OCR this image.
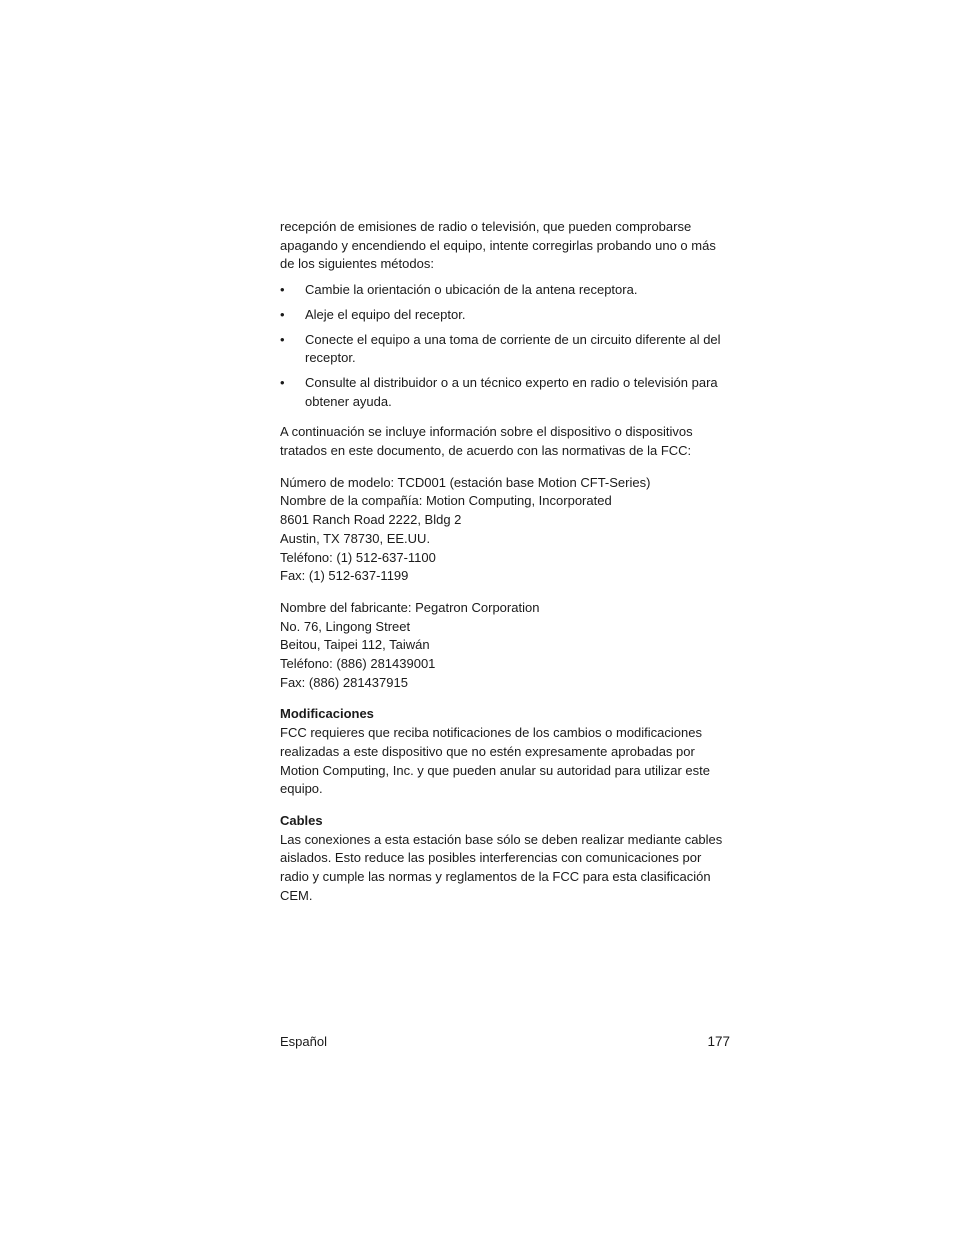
recepción de emisiones de radio o televisión, que pueden comprobarse apagando y encendiendo el equipo, intente corregirlas probando uno o más de los siguientes métodos:

• Cambie la orientación o ubicación de la antena receptora.
• Aleje el equipo del receptor.
• Conecte el equipo a una toma de corriente de un circuito diferente al del receptor.
• Consulte al distribuidor o a un técnico experto en radio o televisión para obtener ayuda.

A continuación se incluye información sobre el dispositivo o dispositivos tratados en este documento, de acuerdo con las normativas de la FCC:

Número de modelo: TCD001 (estación base Motion CFT-Series)
Nombre de la compañía: Motion Computing, Incorporated
8601 Ranch Road 2222, Bldg 2
Austin, TX 78730, EE.UU.
Teléfono: (1) 512-637-1100
Fax: (1) 512-637-1199
Nombre del fabricante: Pegatron Corporation
No. 76, Lingong Street
Beitou, Taipei 112, Taiwán
Teléfono: (886) 281439001
Fax: (886) 281437915
Modificaciones

FCC requieres que reciba notificaciones de los cambios o modificaciones realizadas a este dispositivo que no estén expresamente aprobadas por Motion Computing, Inc. y que pueden anular su autoridad para utilizar este equipo.

Cables

Las conexiones a esta estación base sólo se deben realizar mediante cables aislados. Esto reduce las posibles interferencias con comunicaciones por radio y cumple las normas y reglamentos de la FCC para esta clasificación CEM.

Español	177
